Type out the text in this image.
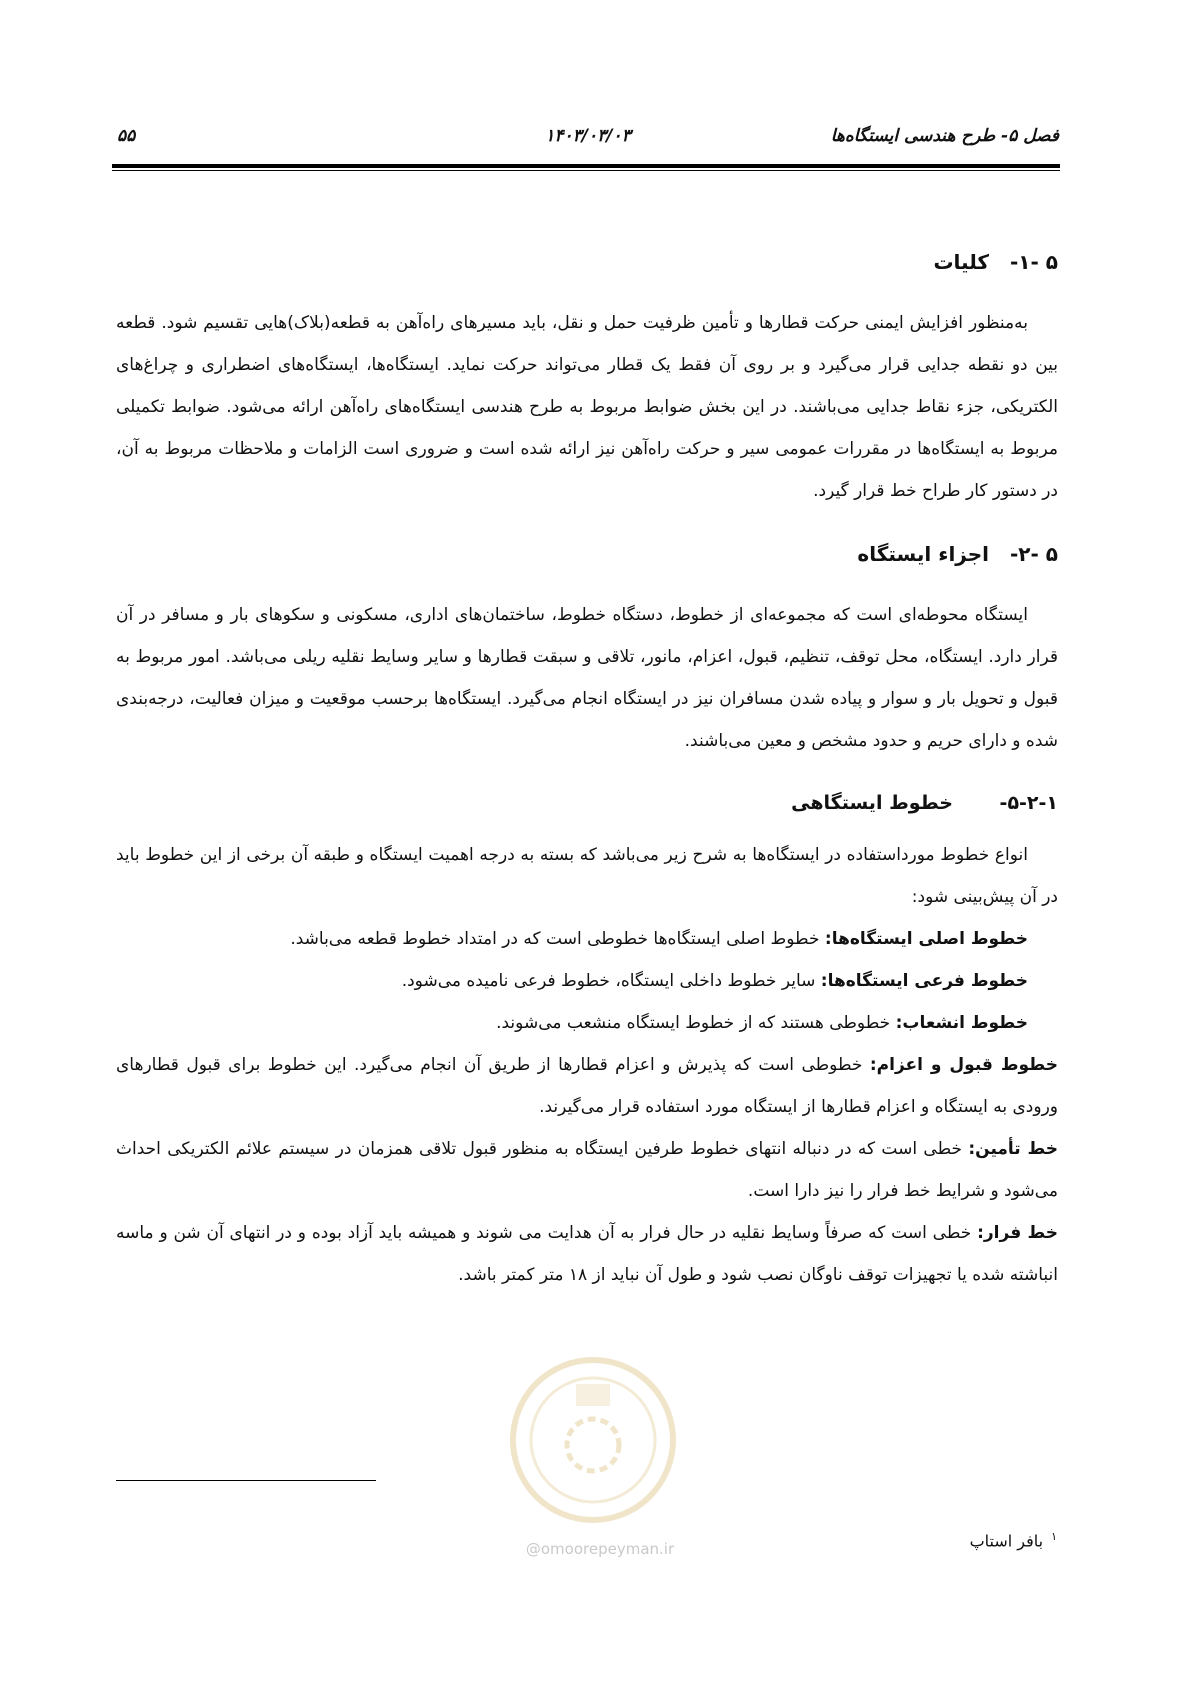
فصل ۵- طرح هندسی ایستگاه‌ها
۱۴۰۳/۰۳/۰۳
۵۵
۵ -۱- کلیات

به‌منظور افزایش ایمنی حرکت قطارها و تأمین ظرفیت حمل و نقل، باید مسیرهای راه‌آهن به قطعه(بلاک)هایی تقسیم شود. قطعه بین دو نقطه جدایی قرار می‌گیرد و بر روی آن فقط یک قطار می‌تواند حرکت نماید. ایستگاه‌ها، ایستگاه‌های اضطراری و چراغ‌های الکتریکی، جزء نقاط جدایی می‌باشند. در این بخش ضوابط مربوط به طرح هندسی ایستگاه‌های راه‌آهن ارائه می‌شود. ضوابط تکمیلی مربوط به ایستگاه‌ها در مقررات عمومی سیر و حرکت راه‌آهن نیز ارائه شده است و ضروری است الزامات و ملاحظات مربوط به آن، در دستور کار طراح خط قرار گیرد.

۵ -۲- اجزاء ایستگاه

ایستگاه محوطه‌ای است که مجموعه‌ای از خطوط، دستگاه خطوط، ساختمان‌های اداری، مسکونی و سکوهای بار و مسافر در آن قرار دارد. ایستگاه، محل توقف، تنظیم، قبول، اعزام، مانور، تلاقی و سبقت قطارها و سایر وسایط نقلیه ریلی می‌باشد. امور مربوط به قبول و تحویل بار و سوار و پیاده شدن مسافران نیز در ایستگاه انجام می‌گیرد. ایستگاه‌ها برحسب موقعیت و میزان فعالیت، درجه‌بندی شده و دارای حریم و حدود مشخص و معین می‌باشند.

۵-۲-۱- خطوط ایستگاهی

انواع خطوط مورداستفاده در ایستگاه‌ها به شرح زیر می‌باشد که بسته به درجه اهمیت ایستگاه و طبقه آن برخی از این خطوط باید در آن پیش‌بینی شود:

خطوط اصلی ایستگاه‌ها: خطوط اصلی ایستگاه‌ها خطوطی است که در امتداد خطوط قطعه می‌باشد.

خطوط فرعی ایستگاه‌ها: سایر خطوط داخلی ایستگاه، خطوط فرعی نامیده می‌شود.

خطوط انشعاب: خطوطی هستند که از خطوط ایستگاه منشعب می‌شوند.

خطوط قبول و اعزام: خطوطی است که پذیرش و اعزام قطارها از طریق آن انجام می‌گیرد. این خطوط برای قبول قطارهای ورودی به ایستگاه و اعزام قطارها از ایستگاه مورد استفاده قرار می‌گیرند.

خط تأمین: خطی است که در دنباله انتهای خطوط طرفین ایستگاه به منظور قبول تلاقی همزمان در سیستم علائم الکتریکی احداث می‌شود و شرایط خط فرار را نیز دارا است.

خط فرار: خطی است که صرفاً وسایط نقلیه در حال فرار به آن هدایت می شوند و همیشه باید آزاد بوده و در انتهای آن شن و ماسه انباشته شده یا تجهیزات توقف ناوگان نصب شود و طول آن نباید از ۱۸ متر کمتر باشد.

@omoorepeyman.ir
$^۱$بافر استاپ
